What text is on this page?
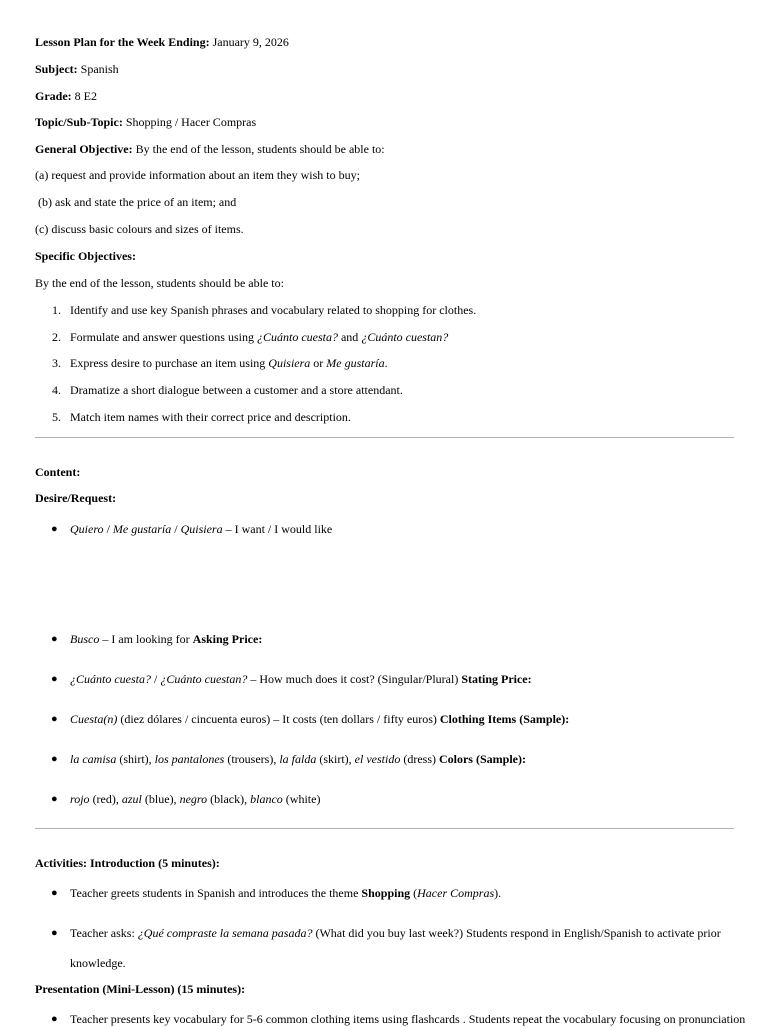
Lesson Plan for the Week Ending: January 9, 2026
Subject: Spanish
Grade: 8 E2
Topic/Sub-Topic: Shopping / Hacer Compras
General Objective: By the end of the lesson, students should be able to:
(a) request and provide information about an item they wish to buy;
(b) ask and state the price of an item; and
(c) discuss basic colours and sizes of items.
Specific Objectives:
By the end of the lesson, students should be able to:
1. Identify and use key Spanish phrases and vocabulary related to shopping for clothes.
2. Formulate and answer questions using ¿Cuánto cuesta? and ¿Cuánto cuestan?
3. Express desire to purchase an item using Quisiera or Me gustaría.
4. Dramatize a short dialogue between a customer and a store attendant.
5. Match item names with their correct price and description.
Content:
Desire/Request:
● Quiero / Me gustaría / Quisiera – I want / I would like
● Busco – I am looking for Asking Price:
● ¿Cuánto cuesta? / ¿Cuánto cuestan? – How much does it cost? (Singular/Plural) Stating Price:
● Cuesta(n) (diez dólares / cincuenta euros) – It costs (ten dollars / fifty euros) Clothing Items (Sample):
● la camisa (shirt), los pantalones (trousers), la falda (skirt), el vestido (dress) Colors (Sample):
● rojo (red), azul (blue), negro (black), blanco (white)
Activities: Introduction (5 minutes):
● Teacher greets students in Spanish and introduces the theme Shopping (Hacer Compras).
● Teacher asks: ¿Qué compraste la semana pasada? (What did you buy last week?) Students respond in English/Spanish to activate prior
knowledge.
Presentation (Mini-Lesson) (15 minutes):
● Teacher presents key vocabulary for 5-6 common clothing items using flashcards . Students repeat the vocabulary focusing on pronunciation
